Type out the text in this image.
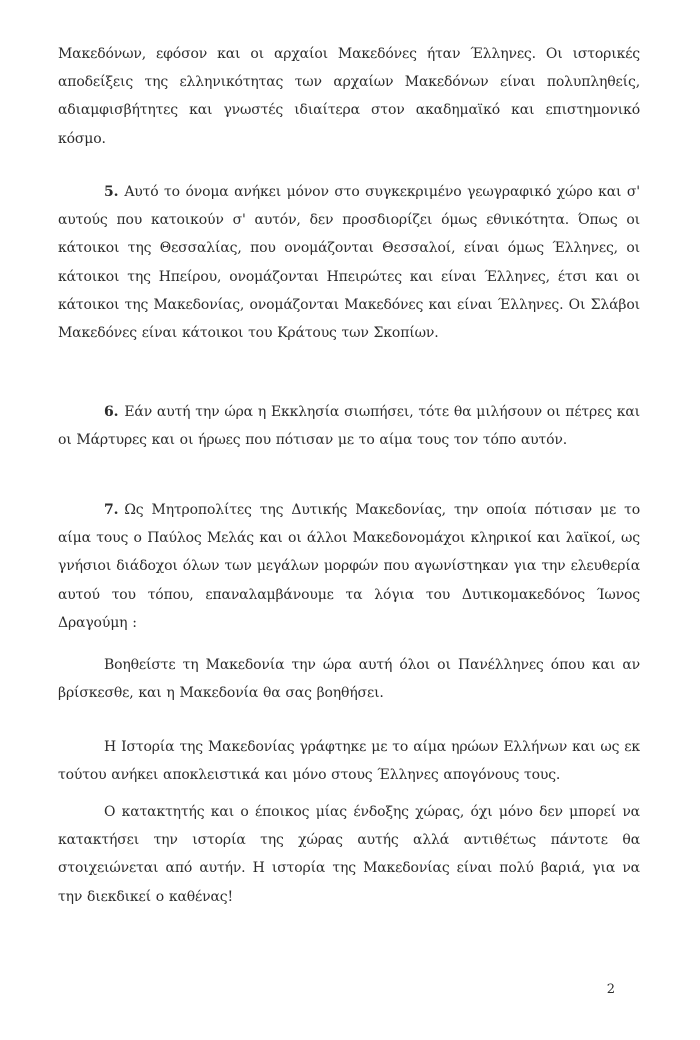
Μακεδόνων, εφόσον και οι αρχαίοι Μακεδόνες ήταν Έλληνες. Οι ιστορικές αποδείξεις της ελληνικότητας των αρχαίων Μακεδόνων είναι πολυπληθείς, αδιαμφισβήτητες και γνωστές ιδιαίτερα στον ακαδημαϊκό και επιστημονικό κόσμο.

5. Αυτό το όνομα ανήκει μόνον στο συγκεκριμένο γεωγραφικό χώρο και σ' αυτούς που κατοικούν σ' αυτόν, δεν προσδιορίζει όμως εθνικότητα. Όπως οι κάτοικοι της Θεσσαλίας, που ονομάζονται Θεσσαλοί, είναι όμως Έλληνες, οι κάτοικοι της Ηπείρου, ονομάζονται Ηπειρώτες και είναι Έλληνες, έτσι και οι κάτοικοι της Μακεδονίας, ονομάζονται Μακεδόνες και είναι Έλληνες. Οι Σλάβοι Μακεδόνες είναι κάτοικοι του Κράτους των Σκοπίων.

6. Εάν αυτή την ώρα η Εκκλησία σιωπήσει, τότε θα μιλήσουν οι πέτρες και οι Μάρτυρες και οι ήρωες που πότισαν με το αίμα τους τον τόπο αυτόν.

7. Ως Μητροπολίτες της Δυτικής Μακεδονίας, την οποία πότισαν με το αίμα τους ο Παύλος Μελάς και οι άλλοι Μακεδονομάχοι κληρικοί και λαϊκοί, ως γνήσιοι διάδοχοι όλων των μεγάλων μορφών που αγωνίστηκαν για την ελευθερία αυτού του τόπου, επαναλαμβάνουμε τα λόγια του Δυτικομακεδόνος Ίωνος Δραγούμη :

Βοηθείστε τη Μακεδονία την ώρα αυτή όλοι οι Πανέλληνες όπου και αν βρίσκεσθε, και η Μακεδονία θα σας βοηθήσει.

Η Ιστορία της Μακεδονίας γράφτηκε με το αίμα ηρώων Ελλήνων και ως εκ τούτου ανήκει αποκλειστικά και μόνο στους Έλληνες απογόνους τους.

Ο κατακτητής και ο έποικος μίας ένδοξης χώρας, όχι μόνο δεν μπορεί να κατακτήσει την ιστορία της χώρας αυτής αλλά αντιθέτως πάντοτε θα στοιχειώνεται από αυτήν. Η ιστορία της Μακεδονίας είναι πολύ βαριά, για να την διεκδικεί ο καθένας!

2
